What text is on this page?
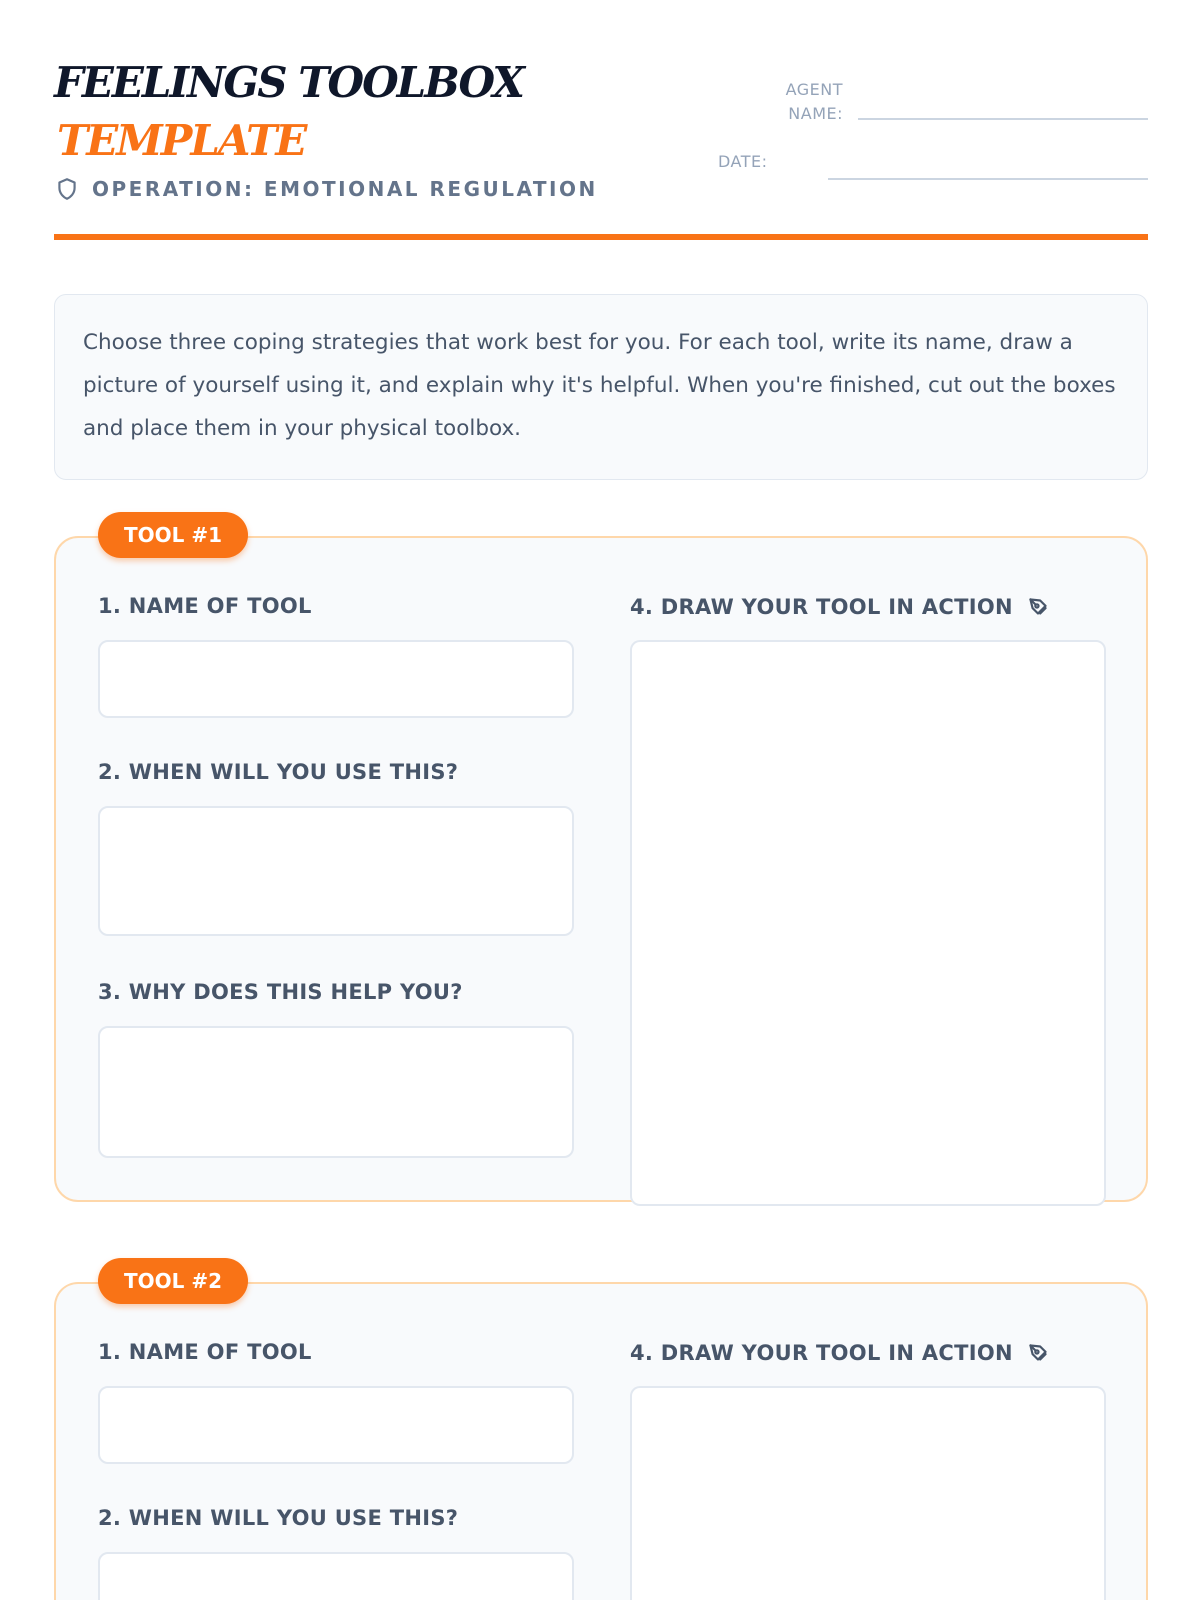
FEELINGS TOOLBOX
TEMPLATE
OPERATION: EMOTIONAL REGULATION
AGENT
NAME:
DATE:
Choose three coping strategies that work best for you. For each tool, write its name, draw a picture of yourself using it, and explain why it's helpful. When you're finished, cut out the boxes and place them in your physical toolbox.
TOOL #1
1. NAME OF TOOL
2. WHEN WILL YOU USE THIS?
3. WHY DOES THIS HELP YOU?
4. DRAW YOUR TOOL IN ACTION
TOOL #2
1. NAME OF TOOL
2. WHEN WILL YOU USE THIS?
4. DRAW YOUR TOOL IN ACTION
